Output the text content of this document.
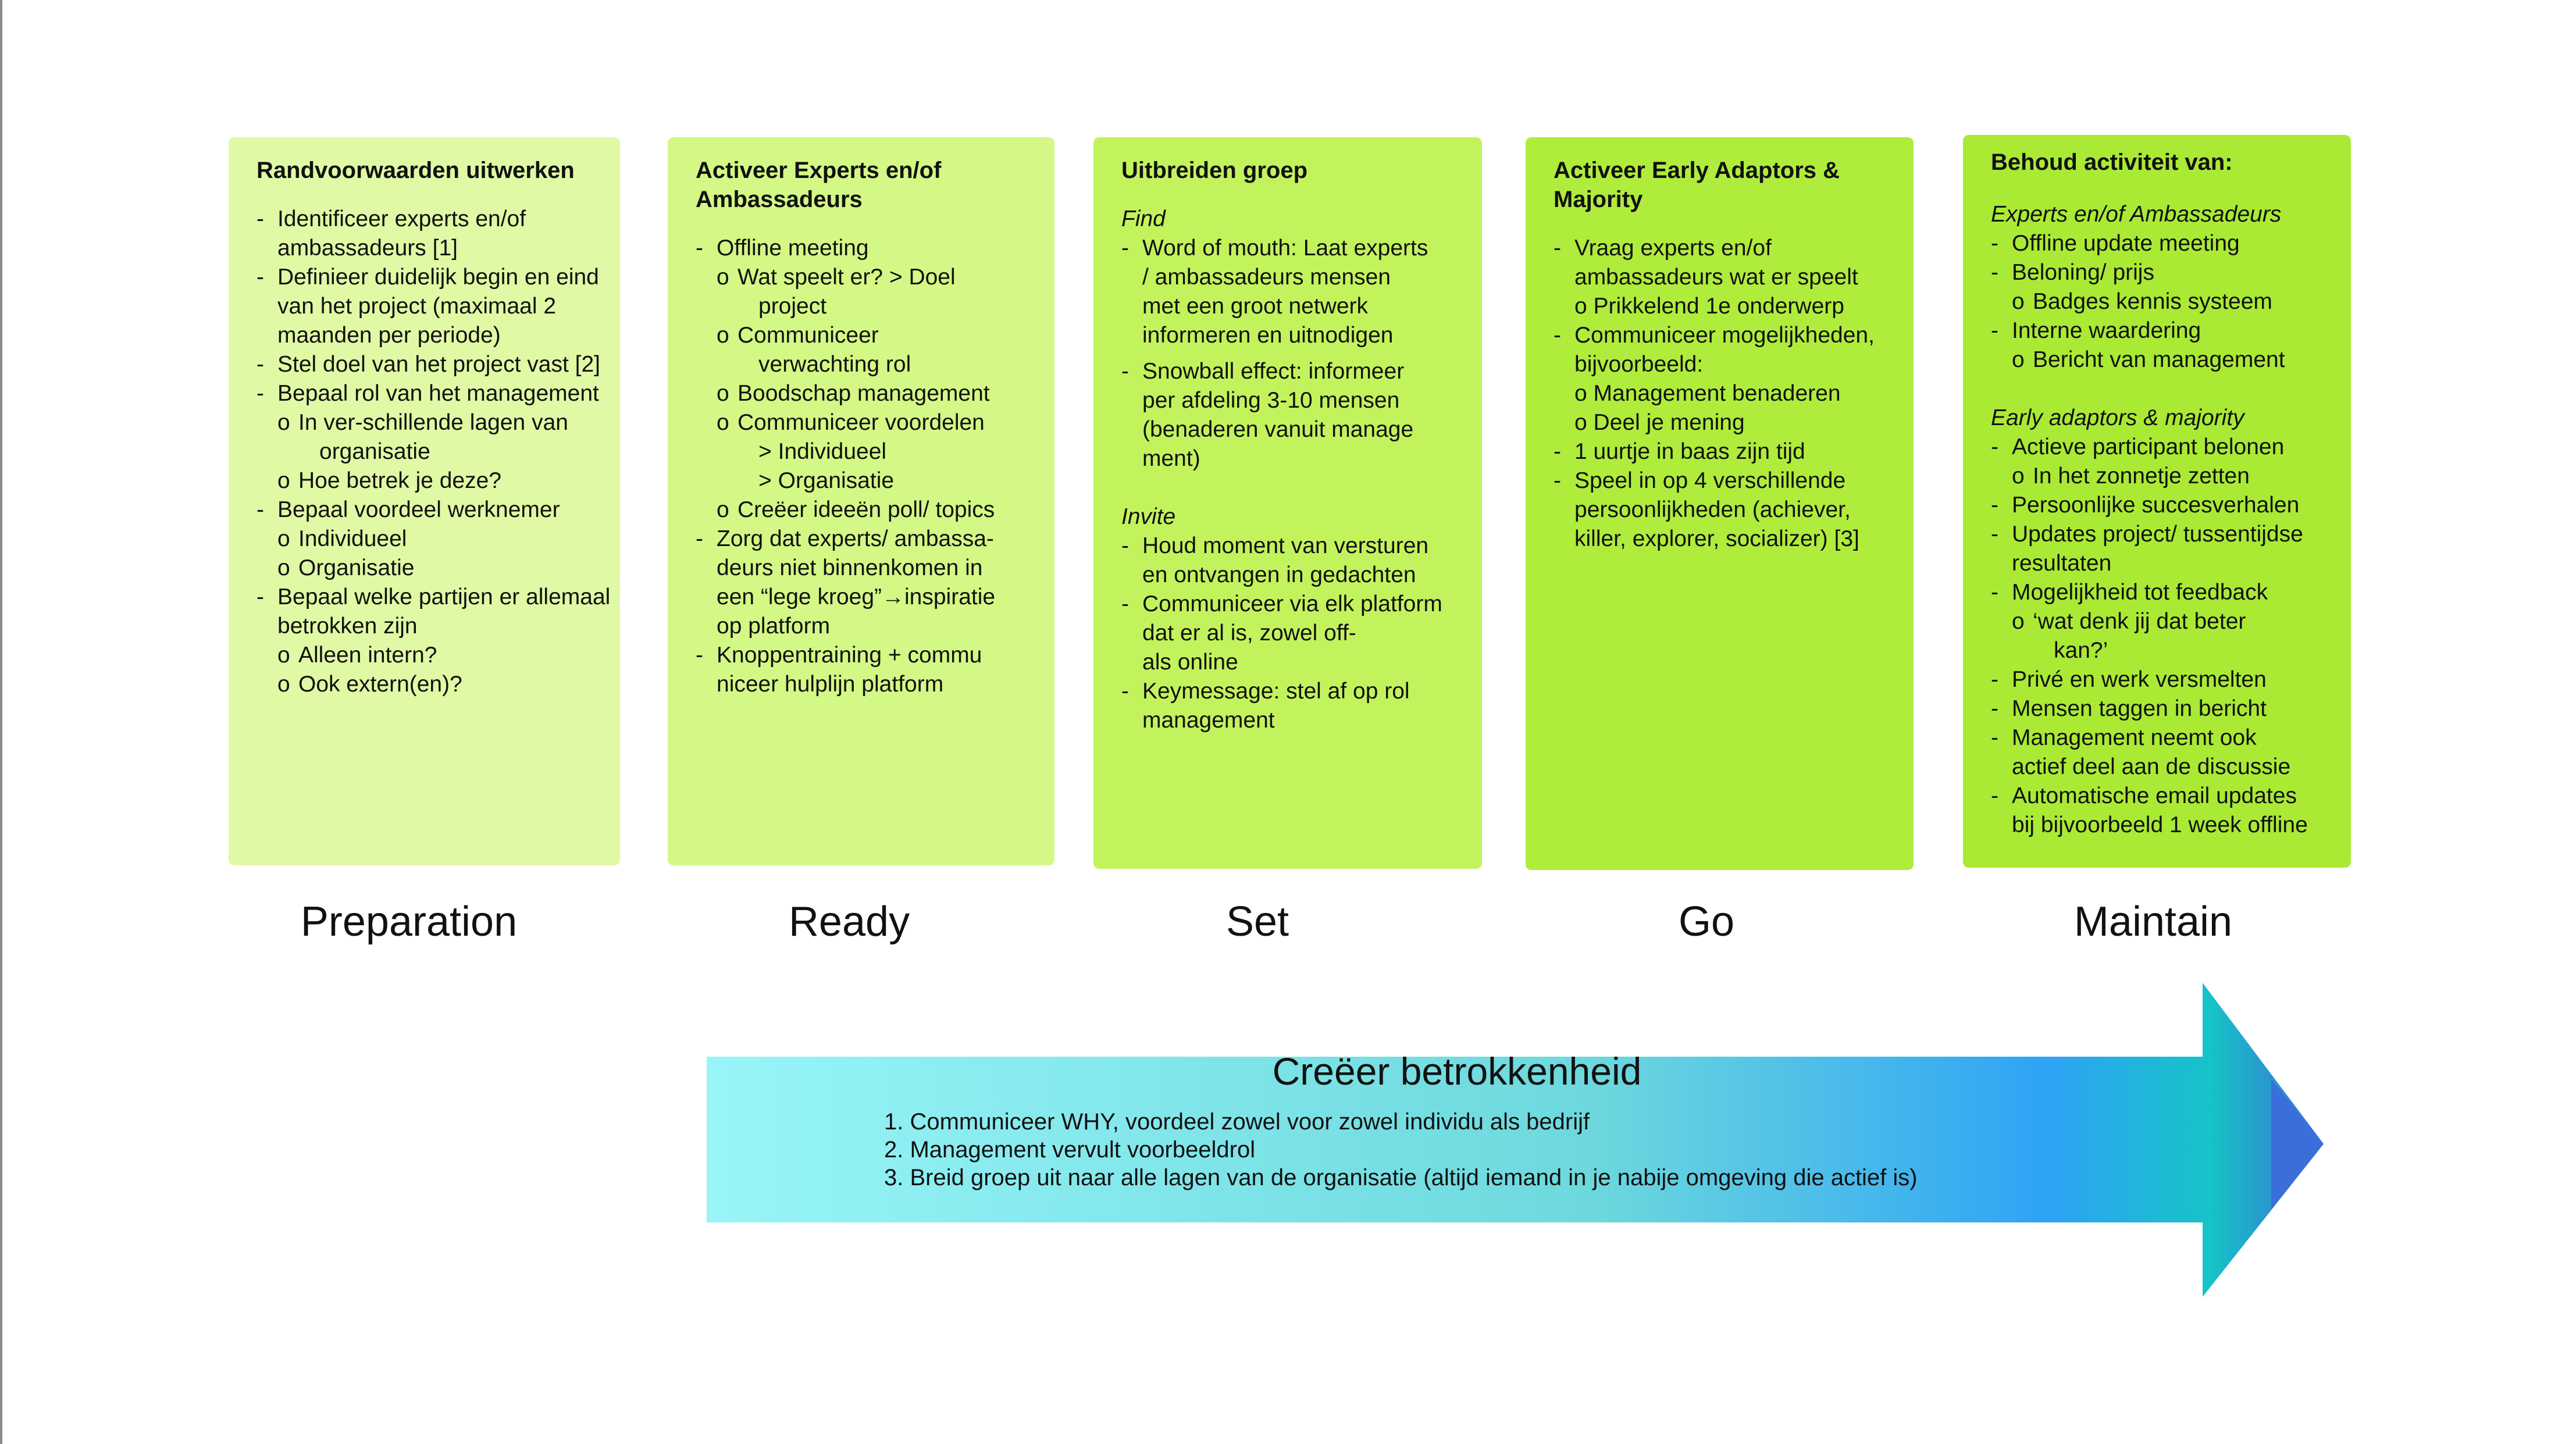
Randvoorwaarden uitwerken
- Identificeer experts en/of
ambassadeurs [1]
- Definieer duidelijk begin en eind
van het project (maximaal 2
maanden per periode)
- Stel doel van het project vast [2]
- Bepaal rol van het management
o In ver-schillende lagen van
organisatie
o Hoe betrek je deze?
- Bepaal voordeel werknemer
o Individueel
o Organisatie
- Bepaal welke partijen er allemaal
betrokken zijn
o Alleen intern?
o Ook extern(en)?
Activeer Experts en/of Ambassadeurs
- Offline meeting
o Wat speelt er? > Doel
project
o Communiceer
verwachting rol
o Boodschap management
o Communiceer voordelen
> Individueel
> Organisatie
o Creëer ideeën poll/ topics
- Zorg dat experts/ ambassa-
deurs niet binnenkomen in
een “lege kroeg”→inspiratie
op platform
- Knoppentraining + commu
niceer hulplijn platform
Uitbreiden groep
Find
- Word of mouth: Laat experts
/ ambassadeurs mensen
met een groot netwerk
informeren en uitnodigen
- Snowball effect: informeer
per afdeling 3-10 mensen
(benaderen vanuit manage
ment)
Invite
- Houd moment van versturen
en ontvangen in gedachten
- Communiceer via elk platform
dat er al is, zowel off-
als online
- Keymessage: stel af op rol
management
Activeer Early Adaptors & Majority
- Vraag experts en/of
ambassadeurs wat er speelt
o Prikkelend 1e onderwerp
- Communiceer mogelijkheden,
bijvoorbeeld:
o Management benaderen
o Deel je mening
- 1 uurtje in baas zijn tijd
- Speel in op 4 verschillende
persoonlijkheden (achiever,
killer, explorer, socializer) [3]
Behoud activiteit van:
Experts en/of Ambassadeurs
- Offline update meeting
- Beloning/ prijs
o Badges kennis systeem
- Interne waardering
o Bericht van management
Early adaptors & majority
- Actieve participant belonen
o In het zonnetje zetten
- Persoonlijke succesverhalen
- Updates project/ tussentijdse
resultaten
- Mogelijkheid tot feedback
o ‘wat denk jij dat beter
kan?’
- Privé en werk versmelten
- Mensen taggen in bericht
- Management neemt ook
actief deel aan de discussie
- Automatische email updates
bij bijvoorbeeld 1 week offline
Preparation	Ready	Set	Go	Maintain
Creëer betrokkenheid
1. Communiceer WHY, voordeel zowel voor zowel individu als bedrijf
2. Management vervult voorbeeldrol
3. Breid groep uit naar alle lagen van de organisatie (altijd iemand in je nabije omgeving die actief is)
